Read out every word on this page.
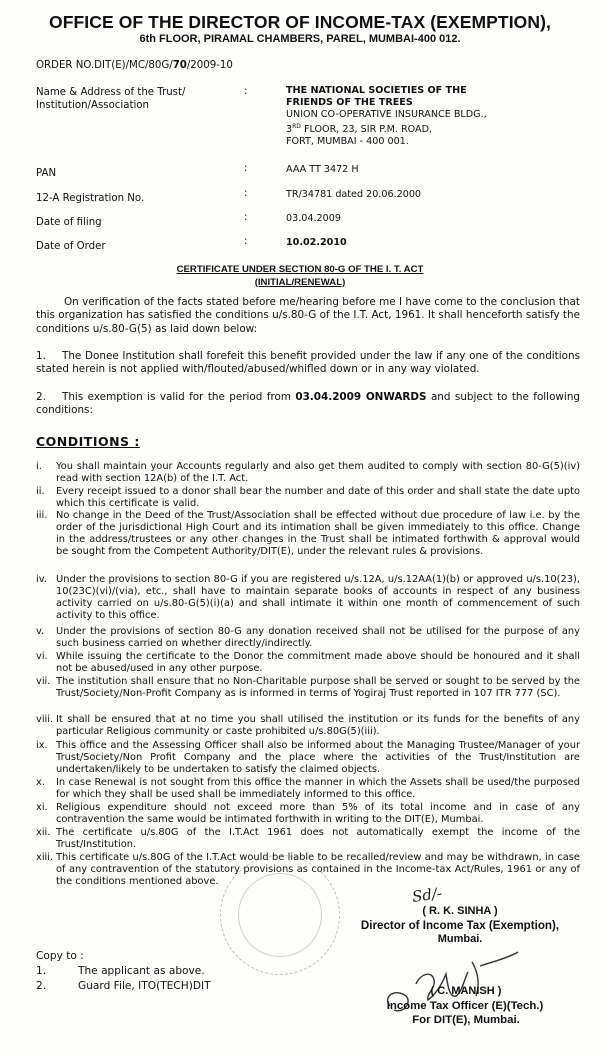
OFFICE OF THE DIRECTOR OF INCOME-TAX (EXEMPTION),
6th FLOOR, PIRAMAL CHAMBERS, PAREL, MUMBAI-400 012.
ORDER NO.DIT(E)/MC/80G/70/2009-10
Name & Address of the Trust/
Institution/Association
:	THE NATIONAL SOCIETIES OF THE
FRIENDS OF THE TREES
UNION CO-OPERATIVE INSURANCE BLDG.,
3RD FLOOR, 23, SIR P.M. ROAD,
FORT, MUMBAI - 400 001.
PAN	:	AAA TT 3472 H
12-A Registration No.	:	TR/34781 dated 20.06.2000
Date of filing	:	03.04.2009
Date of Order	:	10.02.2010
CERTIFICATE UNDER SECTION 80-G OF THE I. T. ACT
(INITIAL/RENEWAL)
On verification of the facts stated before me/hearing before me I have come to the conclusion that this organization has satisfied the conditions u/s.80-G of the I.T. Act, 1961. It shall henceforth satisfy the conditions u/s.80-G(5) as laid down below:
1. The Donee Institution shall forefeit this benefit provided under the law if any one of the conditions stated herein is not applied with/flouted/abused/whifled down or in any way violated.
2. This exemption is valid for the period from 03.04.2009 ONWARDS and subject to the following conditions:
CONDITIONS :
i.	You shall maintain your Accounts regularly and also get them audited to comply with section 80-G(5)(iv) read with section 12A(b) of the I.T. Act.
ii.	Every receipt issued to a donor shall bear the number and date of this order and shall state the date upto which this certificate is valid.
iii. No change in the Deed of the Trust/Association shall be effected without due procedure of law i.e. by the order of the jurisdictional High Court and its intimation shall be given immediately to this office. Change in the address/trustees or any other changes in the Trust shall be intimated forthwith & approval would be sought from the Competent Authority/DIT(E), under the relevant rules & provisions.
iv. Under the provisions to section 80-G if you are registered u/s.12A, u/s.12AA(1)(b) or approved u/s.10(23), 10(23C)(vi)/(via), etc., shall have to maintain separate books of accounts in respect of any business activity carried on u/s.80-G(5)(i)(a) and shall intimate it within one month of commencement of such activity to this office.
v.	Under the provisions of section 80-G any donation received shall not be utilised for the purpose of any such business carried on whether directly/indirectly.
vi. While issuing the certificate to the Donor the commitment made above should be honoured and it shall not be abused/used in any other purpose.
vii. The institution shall ensure that no Non-Charitable purpose shall be served or sought to be served by the Trust/Society/Non-Profit Company as is informed in terms of Yogiraj Trust reported in 107 ITR 777 (SC).
viii. It shall be ensured that at no time you shall utilised the institution or its funds for the benefits of any particular Religious community or caste prohibited u/s.80G(5)(iii).
ix. This office and the Assessing Officer shall also be informed about the Managing Trustee/Manager of your Trust/Society/Non Profit Company and the place where the activities of the Trust/Institution are undertaken/likely to be undertaken to satisfy the claimed objects.
x.	In case Renewal is not sought from this office the manner in which the Assets shall be used/the purposed for which they shall be used shall be immediately informed to this office.
xi. Religious expenditure should not exceed more than 5% of its total income and in case of any contravention the same would be intimated forthwith in writing to the DIT(E), Mumbai.
xii. The certificate u/s.80G of the I.T.Act 1961 does not automatically exempt the income of the Trust/Institution.
xiii. This certificate u/s.80G of the I.T.Act would be liable to be recalled/review and may be withdrawn, in case of any contravention of the statutory provisions as contained in the Income-tax Act/Rules, 1961 or any of the conditions mentioned above.
Sd/-
( R. K. SINHA )
Director of Income Tax (Exemption),
Mumbai.
( C. MANISH )
Income Tax Officer (E)(Tech.)
For DIT(E), Mumbai.
Copy to :
1.	The applicant as above.
2.	Guard File, ITO(TECH)DIT
